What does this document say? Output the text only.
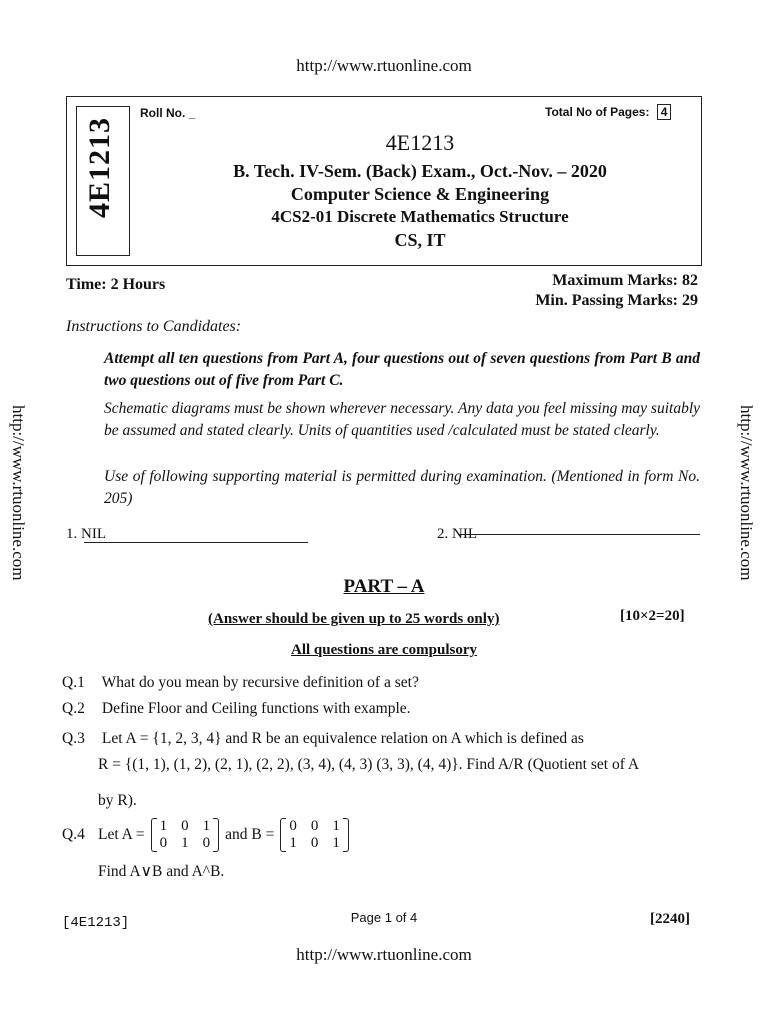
http://www.rtuonline.com
http://www.rtuonline.com	http://www.rtuonline.com
4E1213
Roll No. _	Total No of Pages: 4
4E1213
B. Tech. IV-Sem. (Back) Exam., Oct.-Nov. – 2020
Computer Science & Engineering
4CS2-01 Discrete Mathematics Structure
CS, IT
Time: 2 Hours	Maximum Marks: 82
Min. Passing Marks: 29
Instructions to Candidates:
Attempt all ten questions from Part A, four questions out of seven questions from Part B and two questions out of five from Part C.
Schematic diagrams must be shown wherever necessary. Any data you feel missing may suitably be assumed and stated clearly. Units of quantities used /calculated must be stated clearly.
Use of following supporting material is permitted during examination. (Mentioned in form No. 205)
1. NIL	2. NIL
PART – A
(Answer should be given up to 25 words only)	[10×2=20]
All questions are compulsory
Q.1 What do you mean by recursive definition of a set?
Q.2 Define Floor and Ceiling functions with example.
Q.3 Let A = {1, 2, 3, 4} and R be an equivalence relation on A which is defined as
R = {(1, 1), (1, 2), (2, 1), (2, 2), (3, 4), (4, 3) (3, 3), (4, 4)}. Find A/R (Quotient set of A
by R).
Q.4 Let A = 1 0 1
0 1 0 and B = 0 0 1
1 0 1
Find A∨B and A^B.
[4E1213]	Page 1 of 4	[2240]
http://www.rtuonline.com
